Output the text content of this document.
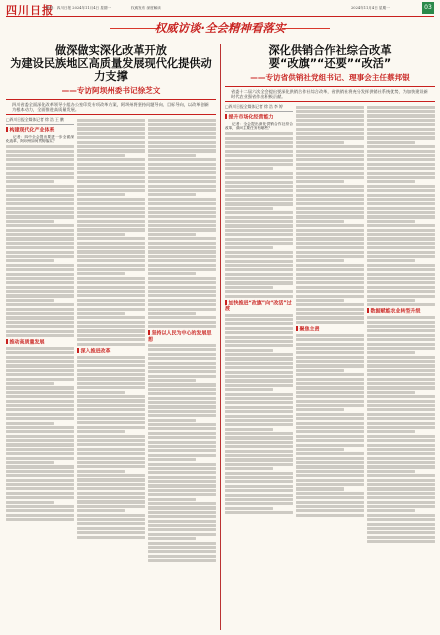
四川日报
策划：四川日报 2024年11月4日 星期一	权威发布 深度解读	2024年11月4日 星期一	03
权威访谈·全会精神看落实
做深做实深化改革开放
为建设民族地区高质量发展现代化提供动力支撑
——专访阿坝州委书记徐芝文
四川省委全面深化改革领导小组办公室印发专项改革方案，阿坝州将坚持问题导向、目标导向，以改革创新为根本动力，全面推进高质量发展。
□四川日报全媒体记者 徐 浩 王 鹏
构建现代化产业体系
记者：四中全会提出要进一步全面深化改革，阿坝州如何贯彻落实？
推动高质量发展
深入推进改革
坚持以人民为中心的发展思想
深化供销合作社综合改革
要“改旗”“还要”“改活”
——专访省供销社党组书记、理事会主任蔡邦银
省委十二届六次全会提出要深化供销合作社综合改革，省供销社将充分发挥供销社系统优势，为加快建设新时代农业强省作出积极贡献。
□四川日报全媒体记者 徐 浩 李 婷
提升市场化经营能力
记者：全会提出深化供销合作社综合改革，请问主要任务有哪些？
加快推进“改旗”向“改活”过渡
聚焦主责
数据赋能农业转型升级
